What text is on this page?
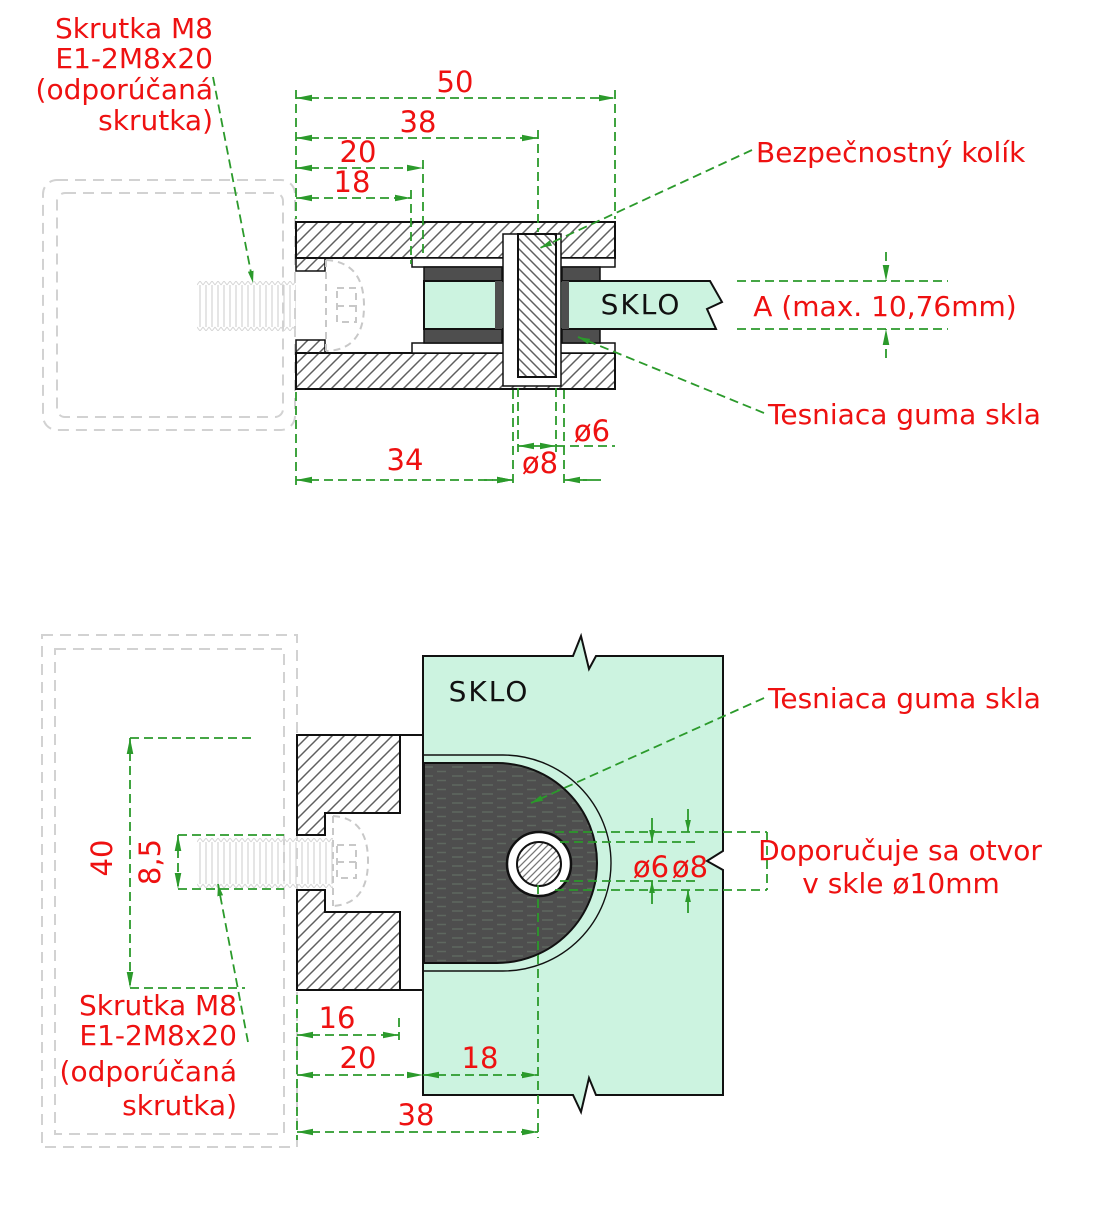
50
38
20
18
34	ø8
ø6
A (max. 10,76mm)
Skrutka M8
E1-2M8x20
(odporúčaná
skrutka)
Bezpečnostný kolík
SKLO
Tesniaca guma skla
40 8,5	ø6 ø8
16
20	18
38
SKLO	Tesniaca guma skla
Doporučuje sa otvor
v skle ø10mm
Skrutka M8
E1-2M8x20
(odporúčaná
skrutka)
